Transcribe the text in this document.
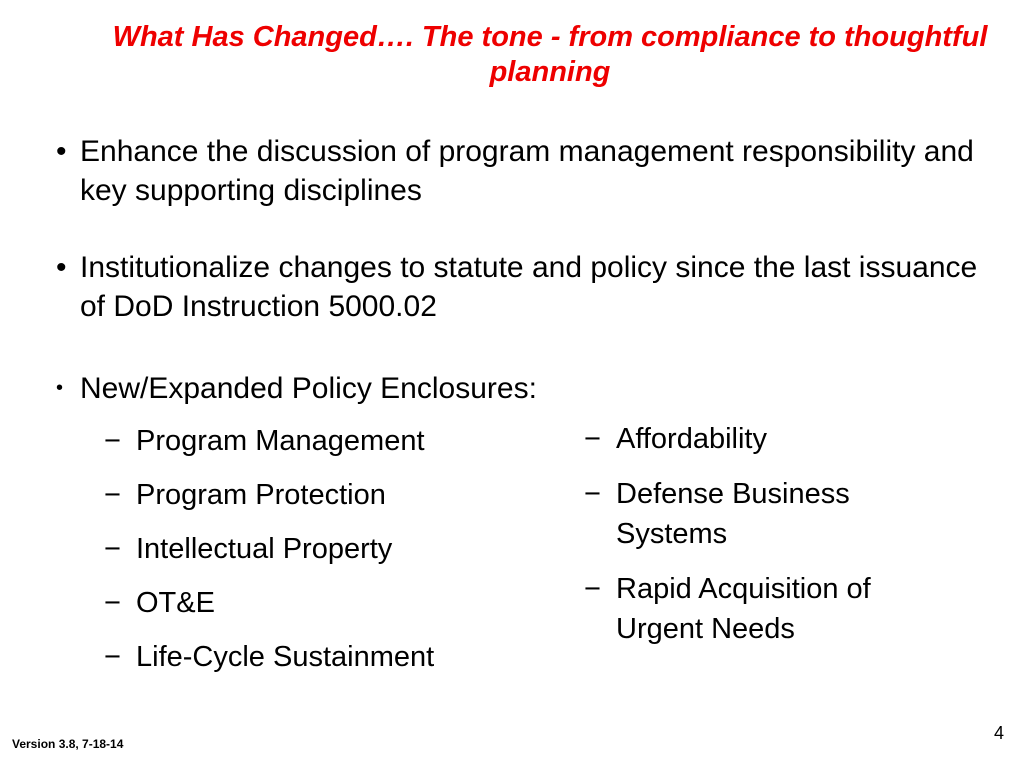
What Has Changed…. The tone - from compliance to thoughtful planning
• Enhance the discussion of program management responsibility and key supporting disciplines
• Institutionalize changes to statute and policy since the last issuance of DoD Instruction 5000.02
• New/Expanded Policy Enclosures:
− Program Management
− Program Protection
− Intellectual Property
− OT&E
− Life-Cycle Sustainment
− Affordability
− Defense Business Systems
− Rapid Acquisition of Urgent Needs
Version 3.8, 7-18-14
4
